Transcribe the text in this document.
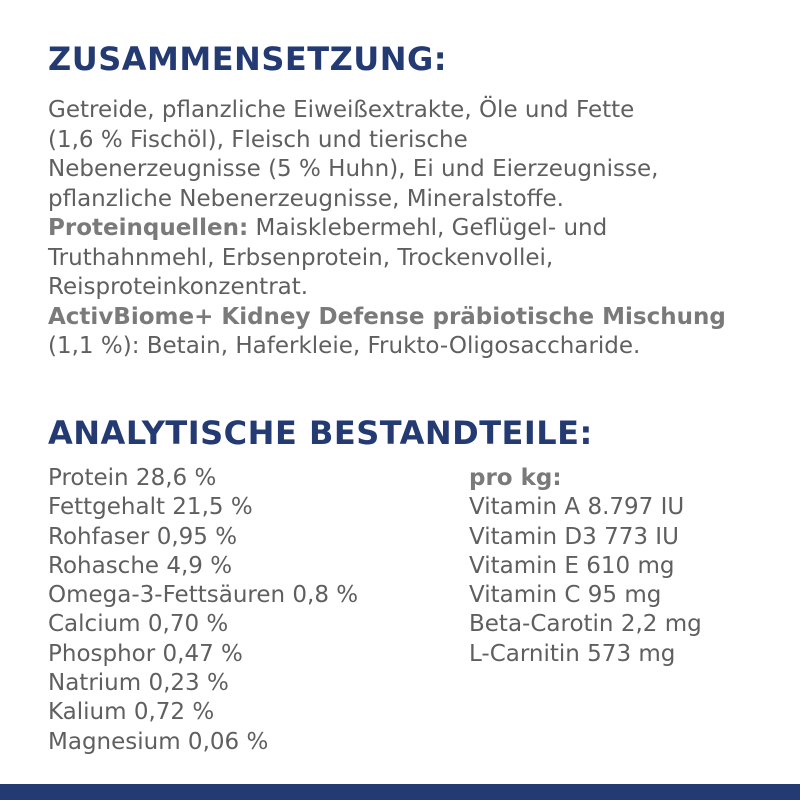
ZUSAMMENSETZUNG:
Getreide, pflanzliche Eiweißextrakte, Öle und Fette
(1,6 % Fischöl), Fleisch und tierische
Nebenerzeugnisse (5 % Huhn), Ei und Eierzeugnisse,
pflanzliche Nebenerzeugnisse, Mineralstoffe.
Proteinquellen: Maisklebermehl, Geflügel- und
Truthahnmehl, Erbsenprotein, Trockenvollei,
Reisproteinkonzentrat.
ActivBiome+ Kidney Defense präbiotische Mischung
(1,1 %): Betain, Haferkleie, Frukto-Oligosaccharide.
ANALYTISCHE BESTANDTEILE:
Protein 28,6 %
Fettgehalt 21,5 %
Rohfaser 0,95 %
Rohasche 4,9 %
Omega-3-Fettsäuren 0,8 %
Calcium 0,70 %
Phosphor 0,47 %
Natrium 0,23 %
Kalium 0,72 %
Magnesium 0,06 %
pro kg:
Vitamin A 8.797 IU
Vitamin D3 773 IU
Vitamin E 610 mg
Vitamin C 95 mg
Beta-Carotin 2,2 mg
L-Carnitin 573 mg
